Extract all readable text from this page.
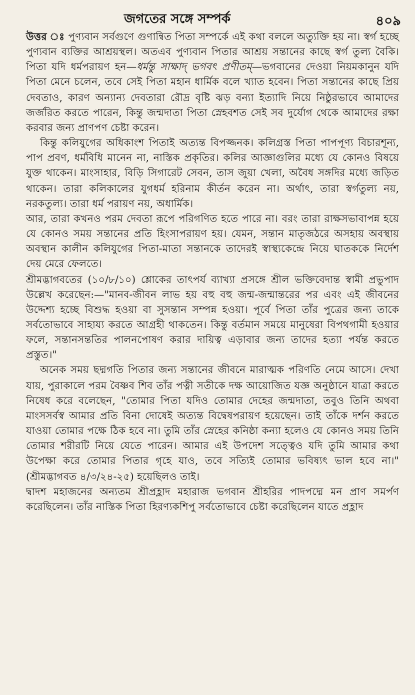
জগতের সঙ্গে সম্পর্ক	৪০৯

উত্তর ঃ পুণ্যবান সর্বগুণে গুণান্বিত পিতা সম্পর্কে এই কথা বললে অত্যুক্তি হয় না। স্বর্গ হচ্ছে পুণ্যবান ব্যক্তির আশ্রয়স্থল। অতএব পুণ্যবান পিতার আশ্রয় সন্তানের কাছে স্বর্গ তুল্য বৈকি। পিতা যদি ধর্মপরায়ণ হন—ধর্মন্তু সাক্ষাদ্ ভগবৎ প্রণীতম্—ভগবানের দেওয়া নিয়মকানুন যদি পিতা মেনে চলেন, তবে সেই পিতা মহান ধার্মিক বলে খ্যাত হবেন। পিতা সন্তানের কাছে প্রিয় দেবতাও, কারণ অন্যান্য দেবতারা রৌদ্র বৃষ্টি ঝড় বন্যা ইত্যাদি নিয়ে নিষ্ঠুরভাবে আমাদের জর্জরিত করতে পারেন, কিন্তু জন্মদাতা পিতা স্নেহবশত সেই সব দুর্যোগ থেকে আমাদের রক্ষা করবার জন্য প্রাণপণ চেষ্টা করেন।

কিন্তু কলিযুগের অধিকাংশ পিতাই অত্যন্ত বিপজ্জনক। কলিগ্রস্ত পিতা পাপপূণ্য বিচারশূন্য, পাপ প্রবণ, ধর্মবিধি মানেন না, নাস্তিক প্রকৃতির। কলির আজ্ঞাগুলির মধ্যে যে কোনও বিষয়ে যুক্ত থাকেন। মাংসাহার, বিড়ি সিগারেট সেবন, তাস জুয়া খেলা, অবৈধ সঙ্গদির মধ্যে জড়িত থাকেন। তারা কলিকালের যুগধর্ম হরিনাম কীর্তন করেন না। অর্থাৎ, তারা স্বর্গতুল্য নয়, নরকতুল্য। তারা ধর্ম পরায়ণ নয়, অধার্মিক।

আর, তারা কখনও পরম দেবতা রূপে পরিগণিত হতে পারে না। বরং তারা রাক্ষসভাবাপন্ন হয়ে যে কোনও সময় সন্তানের প্রতি হিংসাপরায়ণ হয়। যেমন, সন্তান মাতৃজঠরে অসহায় অবস্থায় অবস্থান কালীন কলিযুগের পিতা-মাতা সন্তানকে তাদেরই স্বাস্থ্যকেন্দ্রে নিয়ে ঘাতককে নির্দেশ দেয় মেরে ফেলতে।

শ্রীমদ্ভাগবতের (১০/৮/১০) শ্লোকের তাৎপর্য ব্যাখ্যা প্রসঙ্গে শ্রীল ভক্তিবেদান্ত স্বামী প্রভুপাদ উল্লেখ করেছেন:—"মানব-জীবন লাভ হয় বহু বহু জন্ম-জন্মান্তরের পর এবং এই জীবনের উদ্দেশ্য হচ্ছে বিশুদ্ধ হওয়া বা সুসন্তান সম্পন্ন হওয়া। পূর্বে পিতা তাঁর পুত্রের জন্য তাকে সর্বতোভাবে সাহায্য করতে আগ্রহী থাকতেন। কিন্তু বর্তমান সময়ে মানুষেরা বিপথগামী হওয়ার ফলে, সন্তানসন্ততির পালনপোষণ করার দায়িত্ব এড়াবার জন্য তাদের হত্যা পর্যন্ত করতে প্রস্তুত।"

অনেক সময় ছদ্মগতি পিতার জন্য সন্তানের জীবনে মারাত্মক পরিণতি নেমে আসে। দেখা যায়, পুরাকালে পরম বৈষ্ণব শিব তাঁর পত্নী সতীকে দক্ষ আয়োজিত যজ্ঞ অনুষ্ঠানে যাত্রা করতে নিষেধ করে বলেছেন, "তোমার পিতা যদিও তোমার দেহের জন্মদাতা, তবুও তিনি অথবা মাংসসর্বস্ব আমার প্রতি বিনা দোষেই অত্যন্ত বিদ্বেষপরায়ণ হয়েছেন। তাই তাঁকে দর্শন করতে যাওয়া তোমার পক্ষে ঠিক হবে না। তুমি তাঁর স্নেহের কনিষ্ঠা কন্যা হলেও যে কোনও সময় তিনি তোমার শরীরটি নিয়ে যেতে পারেন। আমার এই উপদেশ সত্ত্বেও যদি তুমি আমার কথা উপেক্ষা করে তোমার পিতার গৃহে যাও, তবে সত্যিই তোমার ভবিষ্যৎ ভাল হবে না।" (শ্রীমদ্ভাগবত ৪/৩/২৪-২৫) হয়েছিলও তাই।

দ্বাদশ মহাজনের অন্যতম শ্রীপ্রহ্লাদ মহারাজ ভগবান শ্রীহরির পাদপদ্মে মন প্রাণ সমর্পণ করেছিলেন। তাঁর নাস্তিক পিতা হিরণ্যকশিপু সর্বতোভাবে চেষ্টা করেছিলেন যাতে প্রহ্লাদ
